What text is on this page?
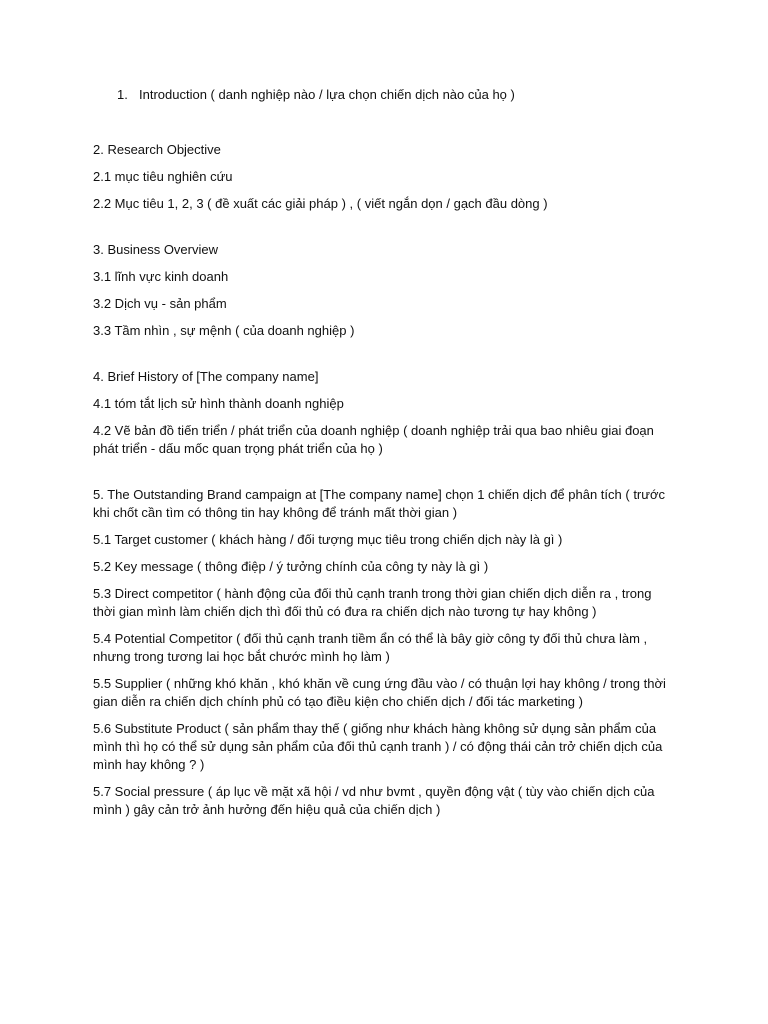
1. Introduction ( danh nghiệp nào / lựa chọn chiến dịch nào của họ )

2. Research Objective

2.1 mục tiêu nghiên cứu

2.2 Mục tiêu 1, 2, 3 ( đề xuất các giải pháp ) , ( viết ngắn dọn / gạch đầu dòng )

3. Business Overview

3.1 lĩnh vực kinh doanh

3.2 Dịch vụ - sản phẩm

3.3 Tầm nhìn , sự mệnh ( của doanh nghiệp )

4. Brief History of [The company name]

4.1 tóm tắt lịch sử hình thành doanh nghiệp

4.2 Vẽ bản đồ tiến triển / phát triển của doanh nghiệp ( doanh nghiệp trải qua bao nhiêu giai đoạn phát triển - dấu mốc quan trọng phát triển của họ )

5. The Outstanding Brand campaign at [The company name] chọn 1 chiến dịch để phân tích ( trước khi chốt cần tìm có thông tin hay không để tránh mất thời gian )

5.1 Target customer ( khách hàng / đối tượng mục tiêu trong chiến dịch này là gì )

5.2 Key message ( thông điệp / ý tưởng chính của công ty này là gì )

5.3 Direct competitor ( hành động của đối thủ cạnh tranh trong thời gian chiến dịch diễn ra , trong thời gian mình làm chiến dịch thì đối thủ có đưa ra chiến dịch nào tương tự hay không )

5.4 Potential Competitor ( đối thủ cạnh tranh tiềm ẩn có thể là bây giờ công ty đối thủ chưa làm , nhưng trong tương lai học bắt chước mình họ làm )

5.5 Supplier ( những khó khăn , khó khăn về cung ứng đầu vào / có thuận lợi hay không / trong thời gian diễn ra chiến dịch chính phủ có tạo điều kiện cho chiến dịch / đối tác marketing )

5.6 Substitute Product ( sản phẩm thay thế ( giống như khách hàng không sử dụng sản phẩm của mình thì họ có thể sử dụng sản phẩm của đối thủ cạnh tranh ) / có động thái cản trở chiến dịch của mình hay không ? )

5.7 Social pressure ( áp lục về mặt xã hội / vd như bvmt , quyền động vật ( tùy vào chiến dịch của mình ) gây cản trở ảnh hưởng đến hiệu quả của chiến dịch )
